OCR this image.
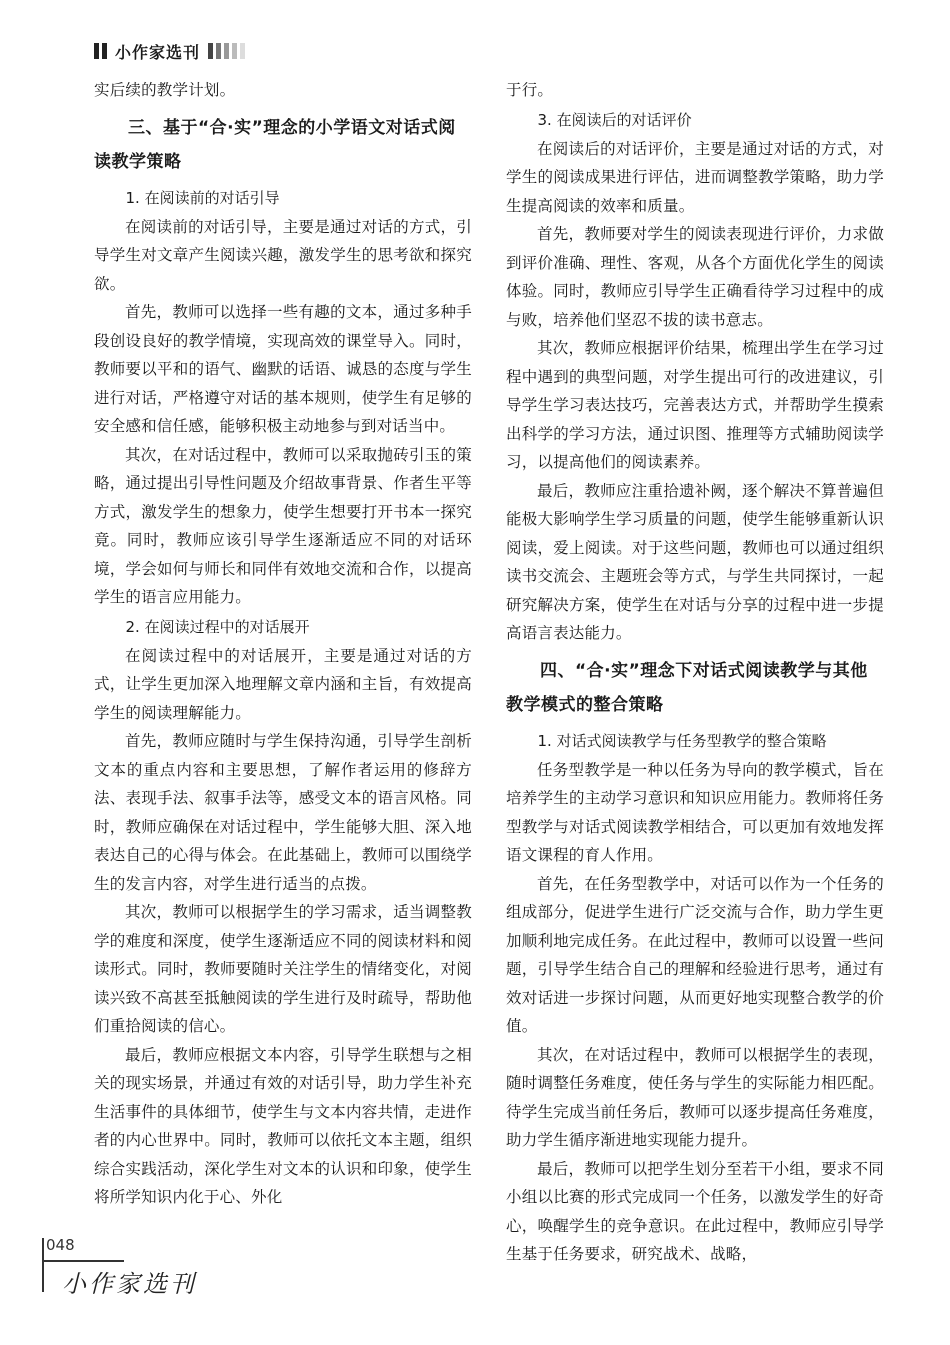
小作家选刊

实后续的教学计划。

三、基于“合·实”理念的小学语文对话式阅读教学策略

1. 在阅读前的对话引导

在阅读前的对话引导，主要是通过对话的方式，引导学生对文章产生阅读兴趣，激发学生的思考欲和探究欲。

首先，教师可以选择一些有趣的文本，通过多种手段创设良好的教学情境，实现高效的课堂导入。同时，教师要以平和的语气、幽默的话语、诚恳的态度与学生进行对话，严格遵守对话的基本规则，使学生有足够的安全感和信任感，能够积极主动地参与到对话当中。

其次，在对话过程中，教师可以采取抛砖引玉的策略，通过提出引导性问题及介绍故事背景、作者生平等方式，激发学生的想象力，使学生想要打开书本一探究竟。同时，教师应该引导学生逐渐适应不同的对话环境，学会如何与师长和同伴有效地交流和合作，以提高学生的语言应用能力。

2. 在阅读过程中的对话展开

在阅读过程中的对话展开，主要是通过对话的方式，让学生更加深入地理解文章内涵和主旨，有效提高学生的阅读理解能力。

首先，教师应随时与学生保持沟通，引导学生剖析文本的重点内容和主要思想，了解作者运用的修辞方法、表现手法、叙事手法等，感受文本的语言风格。同时，教师应确保在对话过程中，学生能够大胆、深入地表达自己的心得与体会。在此基础上，教师可以围绕学生的发言内容，对学生进行适当的点拨。

其次，教师可以根据学生的学习需求，适当调整教学的难度和深度，使学生逐渐适应不同的阅读材料和阅读形式。同时，教师要随时关注学生的情绪变化，对阅读兴致不高甚至抵触阅读的学生进行及时疏导，帮助他们重拾阅读的信心。

最后，教师应根据文本内容，引导学生联想与之相关的现实场景，并通过有效的对话引导，助力学生补充生活事件的具体细节，使学生与文本内容共情，走进作者的内心世界中。同时，教师可以依托文本主题，组织综合实践活动，深化学生对文本的认识和印象，使学生将所学知识内化于心、外化

于行。

3. 在阅读后的对话评价

在阅读后的对话评价，主要是通过对话的方式，对学生的阅读成果进行评估，进而调整教学策略，助力学生提高阅读的效率和质量。

首先，教师要对学生的阅读表现进行评价，力求做到评价准确、理性、客观，从各个方面优化学生的阅读体验。同时，教师应引导学生正确看待学习过程中的成与败，培养他们坚忍不拔的读书意志。

其次，教师应根据评价结果，梳理出学生在学习过程中遇到的典型问题，对学生提出可行的改进建议，引导学生学习表达技巧，完善表达方式，并帮助学生摸索出科学的学习方法，通过识图、推理等方式辅助阅读学习，以提高他们的阅读素养。

最后，教师应注重拾遗补阙，逐个解决不算普遍但能极大影响学生学习质量的问题，使学生能够重新认识阅读，爱上阅读。对于这些问题，教师也可以通过组织读书交流会、主题班会等方式，与学生共同探讨，一起研究解决方案，使学生在对话与分享的过程中进一步提高语言表达能力。

四、“合·实”理念下对话式阅读教学与其他教学模式的整合策略

1. 对话式阅读教学与任务型教学的整合策略

任务型教学是一种以任务为导向的教学模式，旨在培养学生的主动学习意识和知识应用能力。教师将任务型教学与对话式阅读教学相结合，可以更加有效地发挥语文课程的育人作用。

首先，在任务型教学中，对话可以作为一个任务的组成部分，促进学生进行广泛交流与合作，助力学生更加顺利地完成任务。在此过程中，教师可以设置一些问题，引导学生结合自己的理解和经验进行思考，通过有效对话进一步探讨问题，从而更好地实现整合教学的价值。

其次，在对话过程中，教师可以根据学生的表现，随时调整任务难度，使任务与学生的实际能力相匹配。待学生完成当前任务后，教师可以逐步提高任务难度，助力学生循序渐进地实现能力提升。

最后，教师可以把学生划分至若干小组，要求不同小组以比赛的形式完成同一个任务，以激发学生的好奇心，唤醒学生的竞争意识。在此过程中，教师应引导学生基于任务要求，研究战术、战略，

048
小作家选刊
